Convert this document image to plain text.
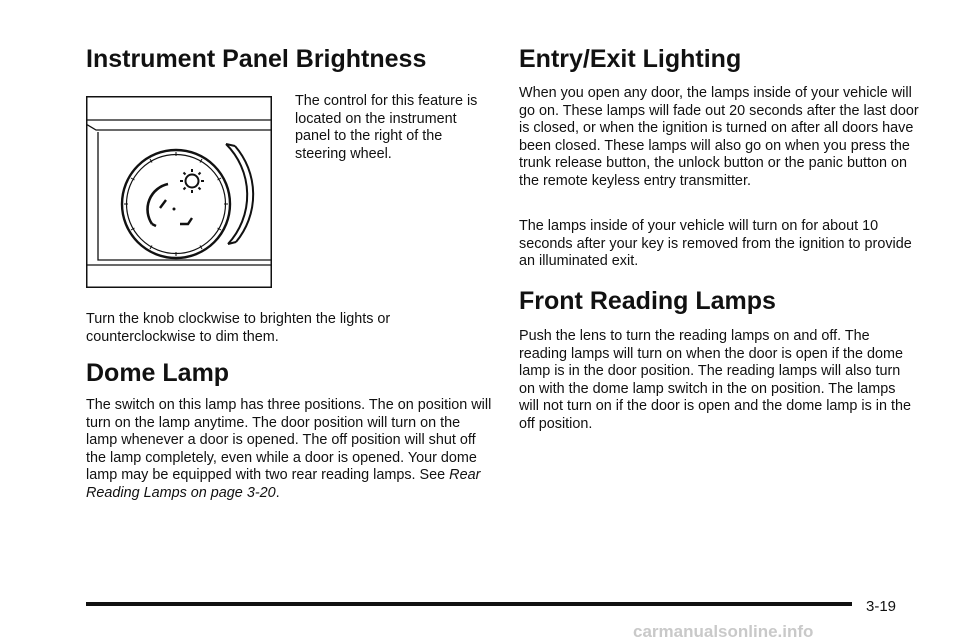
Instrument Panel Brightness

The control for this feature is located on the instrument panel to the right of the steering wheel.

Turn the knob clockwise to brighten the lights or counterclockwise to dim them.

Dome Lamp

The switch on this lamp has three positions. The on position will turn on the lamp anytime. The door position will turn on the lamp whenever a door is opened. The off position will shut off the lamp completely, even while a door is opened. Your dome lamp may be equipped with two rear reading lamps. See Rear Reading Lamps on page 3-20.

Entry/Exit Lighting

When you open any door, the lamps inside of your vehicle will go on. These lamps will fade out 20 seconds after the last door is closed, or when the ignition is turned on after all doors have been closed. These lamps will also go on when you press the trunk release button, the unlock button or the panic button on the remote keyless entry transmitter.

The lamps inside of your vehicle will turn on for about 10 seconds after your key is removed from the ignition to provide an illuminated exit.

Front Reading Lamps

Push the lens to turn the reading lamps on and off. The reading lamps will turn on when the door is open if the dome lamp is in the door position. The reading lamps will also turn on with the dome lamp switch in the on position. The lamps will not turn on if the door is open and the dome lamp is in the off position.

3-19
carmanualsonline.info
